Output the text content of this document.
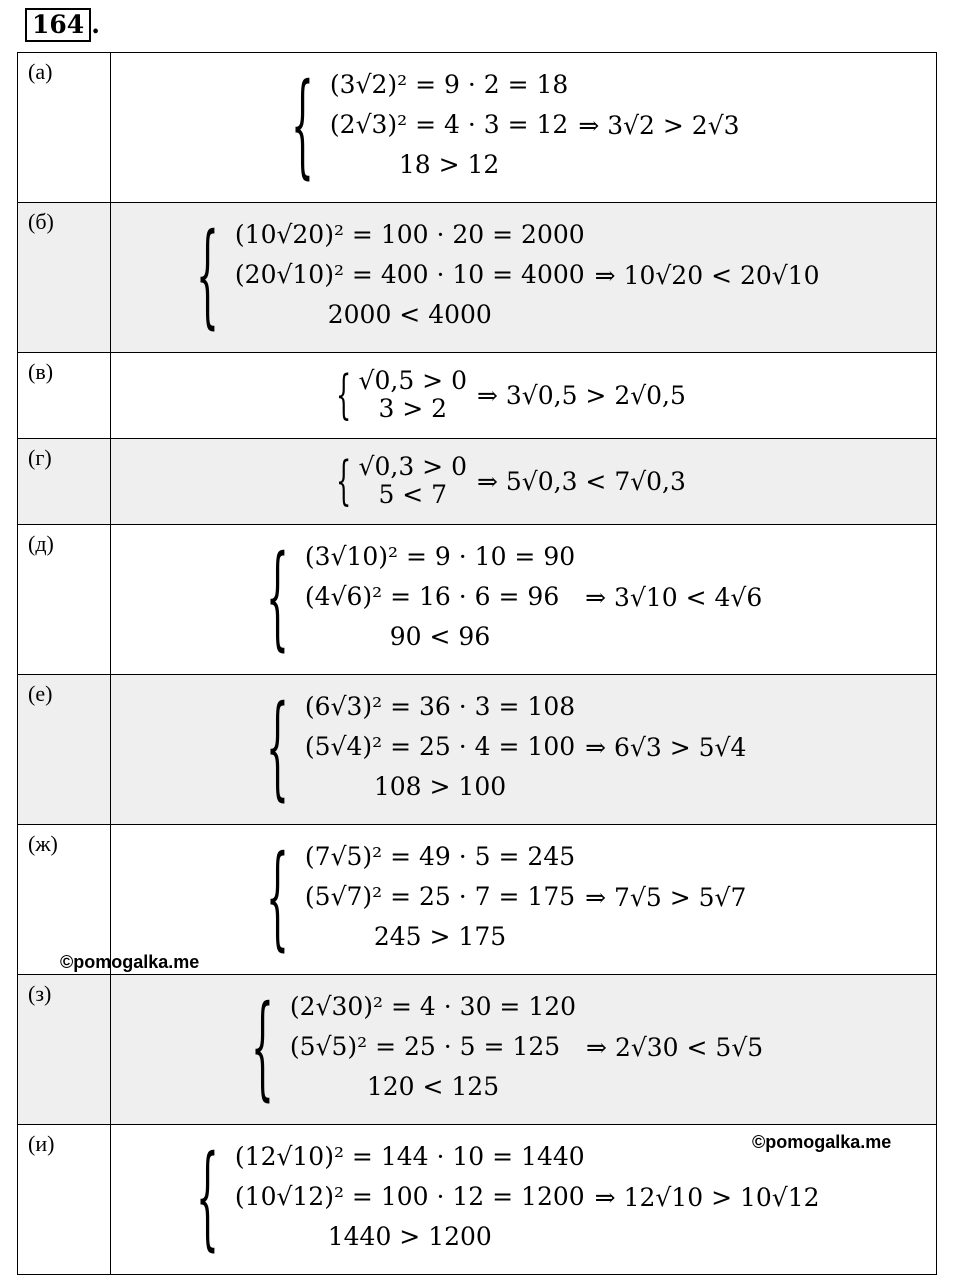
164 .
(а)	{ (3√2)² = 9 · 2 = 18
(2√3)² = 4 · 3 = 12
18 > 12
⇒ 3√2 > 2√3

(б)	{ (10√20)² = 100 · 20 = 2000
(20√10)² = 400 · 10 = 4000
2000 < 4000
⇒ 10√20 < 20√10

(в)	{ √0,5 > 0
3 > 2 ⇒ 3√0,5 > 2√0,5

(г)	{ √0,3 > 0
5 < 7 ⇒ 5√0,3 < 7√0,3

(д)	{ (3√10)² = 9 · 10 = 90
(4√6)² = 16 · 6 = 96
90 < 96
⇒ 3√10 < 4√6

(е)	{ (6√3)² = 36 · 3 = 108
(5√4)² = 25 · 4 = 100
108 > 100
⇒ 6√3 > 5√4

(ж)	{ (7√5)² = 49 · 5 = 245
(5√7)² = 25 · 7 = 175
245 > 175
⇒ 7√5 > 5√7

(з)	{ (2√30)² = 4 · 30 = 120
(5√5)² = 25 · 5 = 125
120 < 125
⇒ 2√30 < 5√5

(и)	{ (12√10)² = 144 · 10 = 1440
(10√12)² = 100 · 12 = 1200
1440 > 1200
⇒ 12√10 > 10√12
©pomogalka.me
©pomogalka.me
